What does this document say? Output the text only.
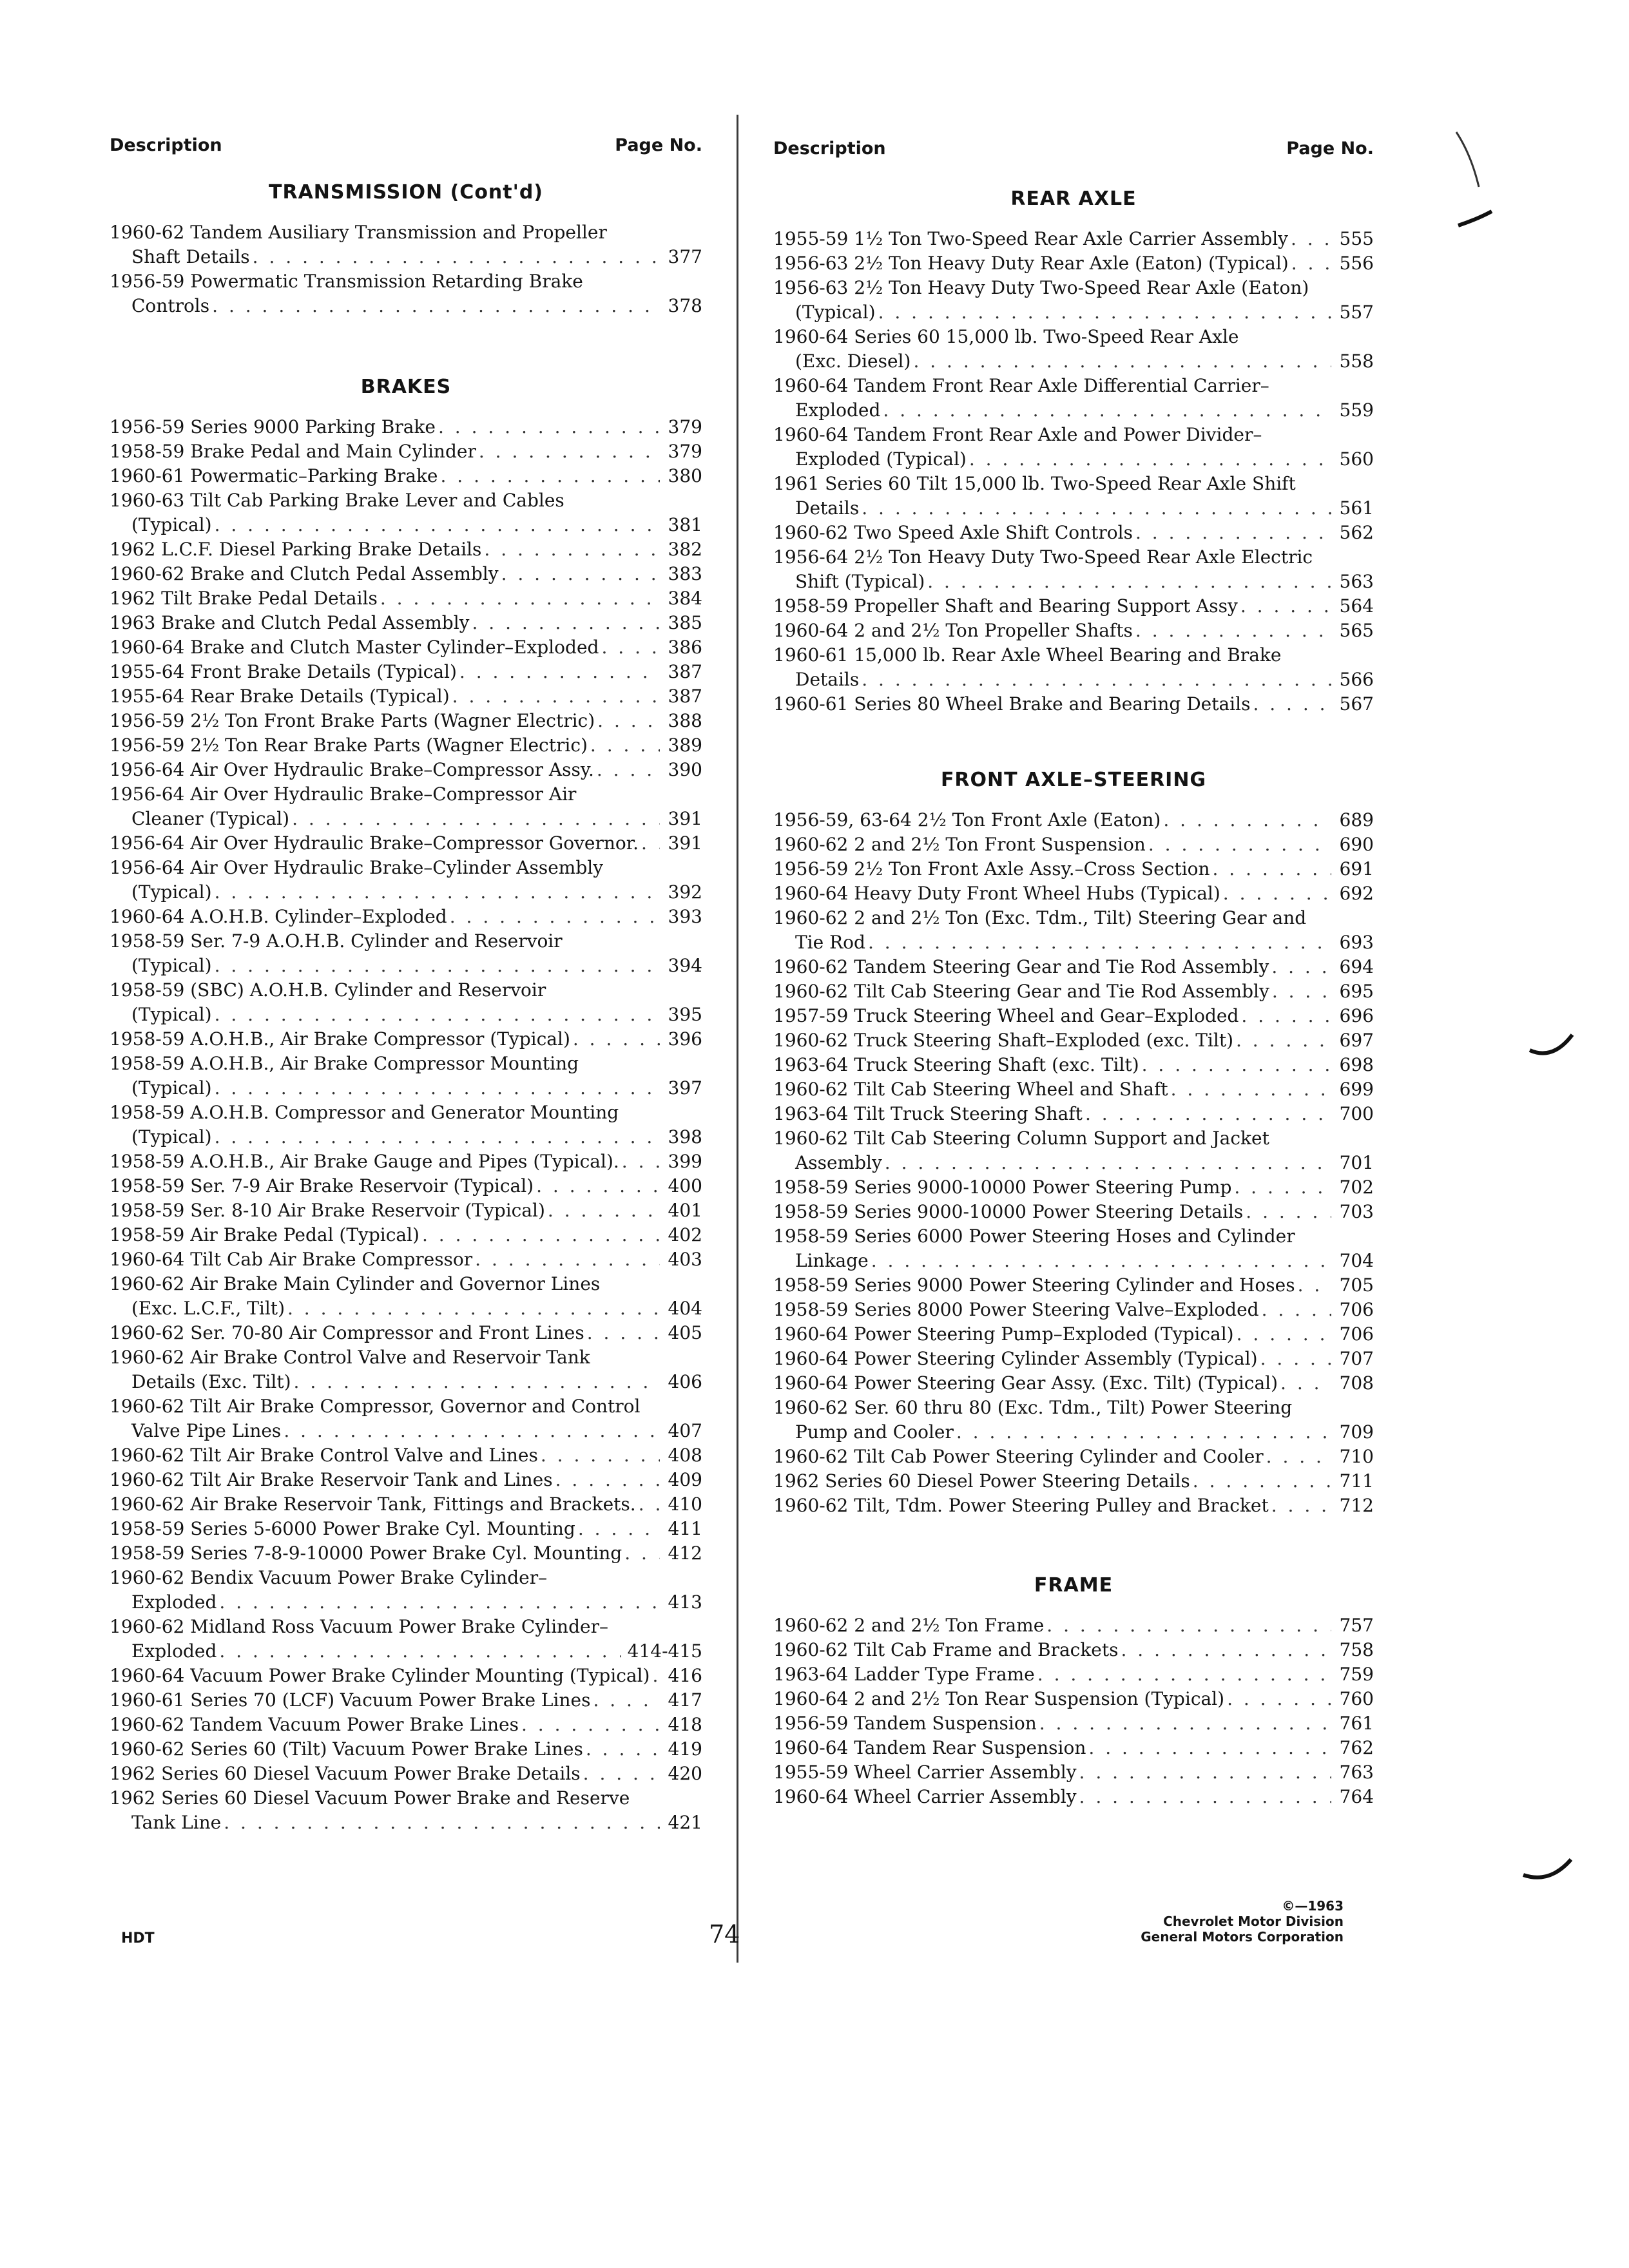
Description	Page No.
TRANSMISSION (Cont'd)
1960-62 Tandem Ausiliary Transmission and Propeller
Shaft Details . . .	377
1956-59 Powermatic Transmission Retarding Brake
Controls . . .	378
BRAKES
1956-59 Series 9000 Parking Brake . . .	379
1958-59 Brake Pedal and Main Cylinder . . .	379
1960-61 Powermatic–Parking Brake . . .	380
1960-63 Tilt Cab Parking Brake Lever and Cables
(Typical) . . .	381
1962 L.C.F. Diesel Parking Brake Details . . .	382
1960-62 Brake and Clutch Pedal Assembly . . .	383
1962 Tilt Brake Pedal Details . . .	384
1963 Brake and Clutch Pedal Assembly . . .	385
1960-64 Brake and Clutch Master Cylinder–Exploded . . .	386
1955-64 Front Brake Details (Typical) . . .	387
1955-64 Rear Brake Details (Typical) . . .	387
1956-59 2½ Ton Front Brake Parts (Wagner Electric) . . .	388
1956-59 2½ Ton Rear Brake Parts (Wagner Electric) . . .	389
1956-64 Air Over Hydraulic Brake–Compressor Assy. . . .	390
1956-64 Air Over Hydraulic Brake–Compressor Air
Cleaner (Typical) . . .	391
1956-64 Air Over Hydraulic Brake–Compressor Governor. . . . 391
1956-64 Air Over Hydraulic Brake–Cylinder Assembly
(Typical) . . .	392
1960-64 A.O.H.B. Cylinder–Exploded . . .	393
1958-59 Ser. 7-9 A.O.H.B. Cylinder and Reservoir
(Typical) . . .	394
1958-59 (SBC) A.O.H.B. Cylinder and Reservoir
(Typical) . . .	395
1958-59 A.O.H.B., Air Brake Compressor (Typical) . . .	396
1958-59 A.O.H.B., Air Brake Compressor Mounting
(Typical) . . .	397
1958-59 A.O.H.B. Compressor and Generator Mounting
(Typical) . . .	398
1958-59 A.O.H.B., Air Brake Gauge and Pipes (Typical). . . .	399
1958-59 Ser. 7-9 Air Brake Reservoir (Typical) . . .	400
1958-59 Ser. 8-10 Air Brake Reservoir (Typical) . . .	401
1958-59 Air Brake Pedal (Typical) . . .	402
1960-64 Tilt Cab Air Brake Compressor . . .	403
1960-62 Air Brake Main Cylinder and Governor Lines
(Exc. L.C.F., Tilt) . . .	404
1960-62 Ser. 70-80 Air Compressor and Front Lines . . .	405
1960-62 Air Brake Control Valve and Reservoir Tank
Details (Exc. Tilt) . . .	406
1960-62 Tilt Air Brake Compressor, Governor and Control
Valve Pipe Lines . . .	407
1960-62 Tilt Air Brake Control Valve and Lines . . .	408
1960-62 Tilt Air Brake Reservoir Tank and Lines . . .	409
1960-62 Air Brake Reservoir Tank, Fittings and Brackets. . . . 410
1958-59 Series 5-6000 Power Brake Cyl. Mounting . . .	411
1958-59 Series 7-8-9-10000 Power Brake Cyl. Mounting . . .	412
1960-62 Bendix Vacuum Power Brake Cylinder–
Exploded . . .	413
1960-62 Midland Ross Vacuum Power Brake Cylinder–
Exploded . . .	414-415
1960-64 Vacuum Power Brake Cylinder Mounting (Typical) . . . 416
1960-61 Series 70 (LCF) Vacuum Power Brake Lines . . .	417
1960-62 Tandem Vacuum Power Brake Lines . . .	418
1960-62 Series 60 (Tilt) Vacuum Power Brake Lines . . .	419
1962 Series 60 Diesel Vacuum Power Brake Details . . .	420
1962 Series 60 Diesel Vacuum Power Brake and Reserve
Tank Line . . .	421
Description	Page No.
REAR AXLE
1955-59 1½ Ton Two-Speed Rear Axle Carrier Assembly . . .	555
1956-63 2½ Ton Heavy Duty Rear Axle (Eaton) (Typical) . . .	556
1956-63 2½ Ton Heavy Duty Two-Speed Rear Axle (Eaton)
(Typical) . . .	557
1960-64 Series 60 15,000 lb. Two-Speed Rear Axle
(Exc. Diesel) . . .	558
1960-64 Tandem Front Rear Axle Differential Carrier–
Exploded . . .	559
1960-64 Tandem Front Rear Axle and Power Divider–
Exploded (Typical) . . .	560
1961 Series 60 Tilt 15,000 lb. Two-Speed Rear Axle Shift
Details . . .	561
1960-62 Two Speed Axle Shift Controls . . .	562
1956-64 2½ Ton Heavy Duty Two-Speed Rear Axle Electric
Shift (Typical) . . .	563
1958-59 Propeller Shaft and Bearing Support Assy . . .	564
1960-64 2 and 2½ Ton Propeller Shafts . . .	565
1960-61 15,000 lb. Rear Axle Wheel Bearing and Brake
Details . . .	566
1960-61 Series 80 Wheel Brake and Bearing Details . . .	567
FRONT AXLE–STEERING
1956-59, 63-64 2½ Ton Front Axle (Eaton) . . .	689
1960-62 2 and 2½ Ton Front Suspension . . .	690
1956-59 2½ Ton Front Axle Assy.–Cross Section . . .	691
1960-64 Heavy Duty Front Wheel Hubs (Typical) . . .	692
1960-62 2 and 2½ Ton (Exc. Tdm., Tilt) Steering Gear and
Tie Rod . . .	693
1960-62 Tandem Steering Gear and Tie Rod Assembly . . .	694
1960-62 Tilt Cab Steering Gear and Tie Rod Assembly . . .	695
1957-59 Truck Steering Wheel and Gear–Exploded . . .	696
1960-62 Truck Steering Shaft–Exploded (exc. Tilt) . . .	697
1963-64 Truck Steering Shaft (exc. Tilt) . . .	698
1960-62 Tilt Cab Steering Wheel and Shaft . . .	699
1963-64 Tilt Truck Steering Shaft . . .	700
1960-62 Tilt Cab Steering Column Support and Jacket
Assembly . . .	701
1958-59 Series 9000-10000 Power Steering Pump . . .	702
1958-59 Series 9000-10000 Power Steering Details . . .	703
1958-59 Series 6000 Power Steering Hoses and Cylinder
Linkage . . .	704
1958-59 Series 9000 Power Steering Cylinder and Hoses . . . 705
1958-59 Series 8000 Power Steering Valve–Exploded . . .	706
1960-64 Power Steering Pump–Exploded (Typical) . . .	706
1960-64 Power Steering Cylinder Assembly (Typical) . . .	707
1960-64 Power Steering Gear Assy. (Exc. Tilt) (Typical) . . .	708
1960-62 Ser. 60 thru 80 (Exc. Tdm., Tilt) Power Steering
Pump and Cooler . . .	709
1960-62 Tilt Cab Power Steering Cylinder and Cooler . . .	710
1962 Series 60 Diesel Power Steering Details . . .	711
1960-62 Tilt, Tdm. Power Steering Pulley and Bracket . . .	712
FRAME
1960-62 2 and 2½ Ton Frame . . .	757
1960-62 Tilt Cab Frame and Brackets . . .	758
1963-64 Ladder Type Frame . . .	759
1960-64 2 and 2½ Ton Rear Suspension (Typical) . . .	760
1956-59 Tandem Suspension . . .	761
1960-64 Tandem Rear Suspension . . .	762
1955-59 Wheel Carrier Assembly . . .	763
1960-64 Wheel Carrier Assembly . . .	764
HDT	74
©—1963
Chevrolet Motor Division
General Motors Corporation
